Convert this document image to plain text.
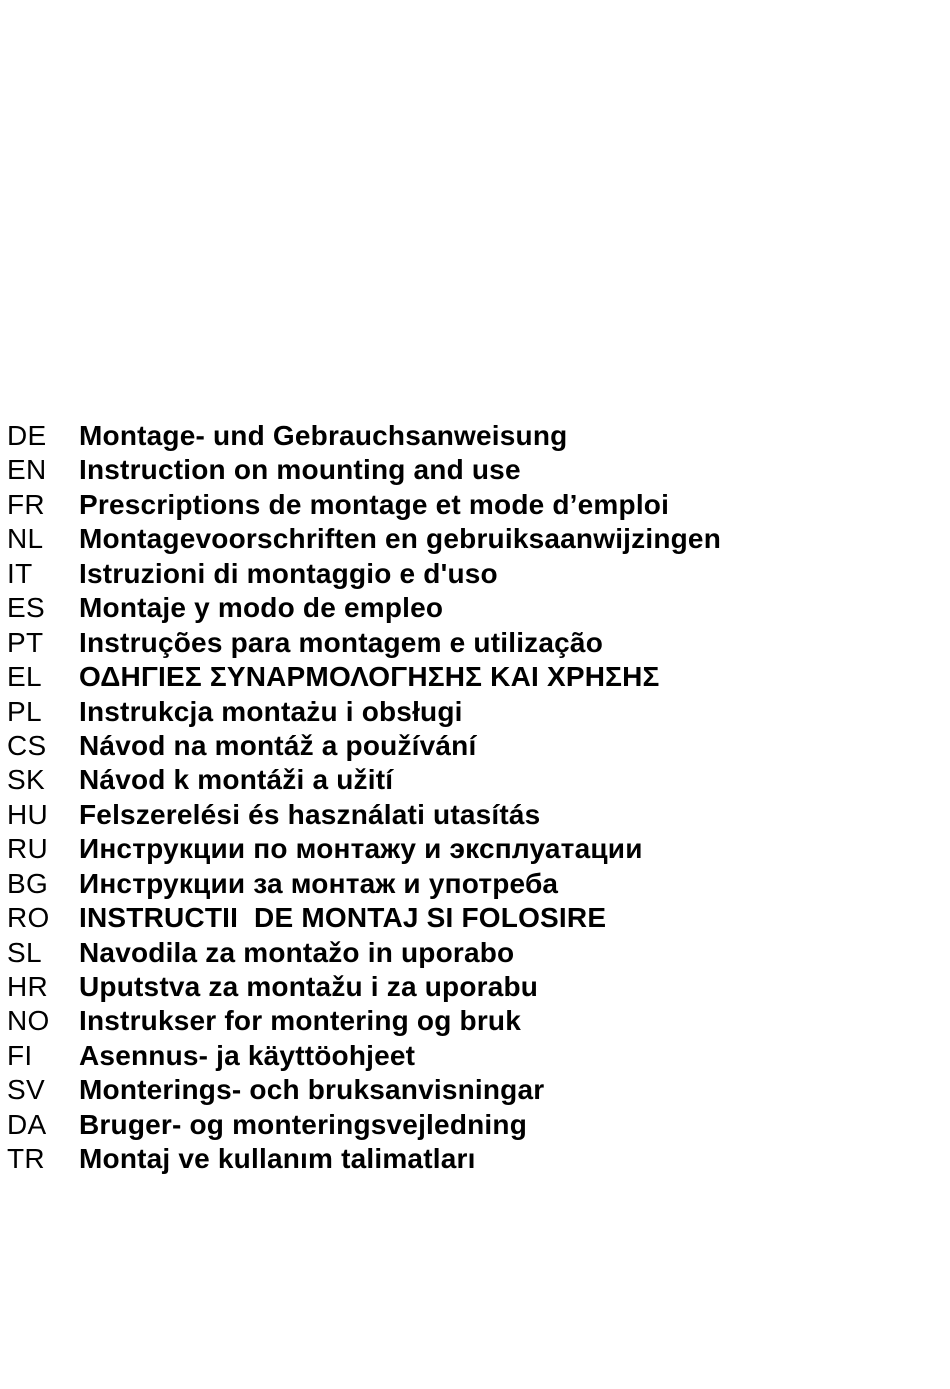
DE	Montage- und Gebrauchsanweisung
EN	Instruction on mounting and use
FR	Prescriptions de montage et mode d’emploi
NL	Montagevoorschriften en gebruiksaanwijzingen
IT	Istruzioni di montaggio e d'uso
ES	Montaje y modo de empleo
PT	Instruções para montagem e utilização
EL	ΟΔΗΓΙΕΣ ΣΥΝΑΡΜΟΛΟΓΗΣΗΣ ΚΑΙ ΧΡΗΣΗΣ
PL	Instrukcja montażu i obsługi
CS	Návod na montáž a používání
SK	Návod k montáži a užití
HU	Felszerelési és használati utasítás
RU	Инструкции по монтажу и эксплуатации
BG	Инструкции за монтаж и употреба
RO	INSTRUCTII  DE MONTAJ SI FOLOSIRE
SL	Navodila za montažo in uporabo
HR	Uputstva za montažu i za uporabu
NO	Instrukser for montering og bruk
FI	Asennus- ja käyttöohjeet
SV	Monterings- och bruksanvisningar
DA	Bruger- og monteringsvejledning
TR	Montaj ve kullanım talimatları
